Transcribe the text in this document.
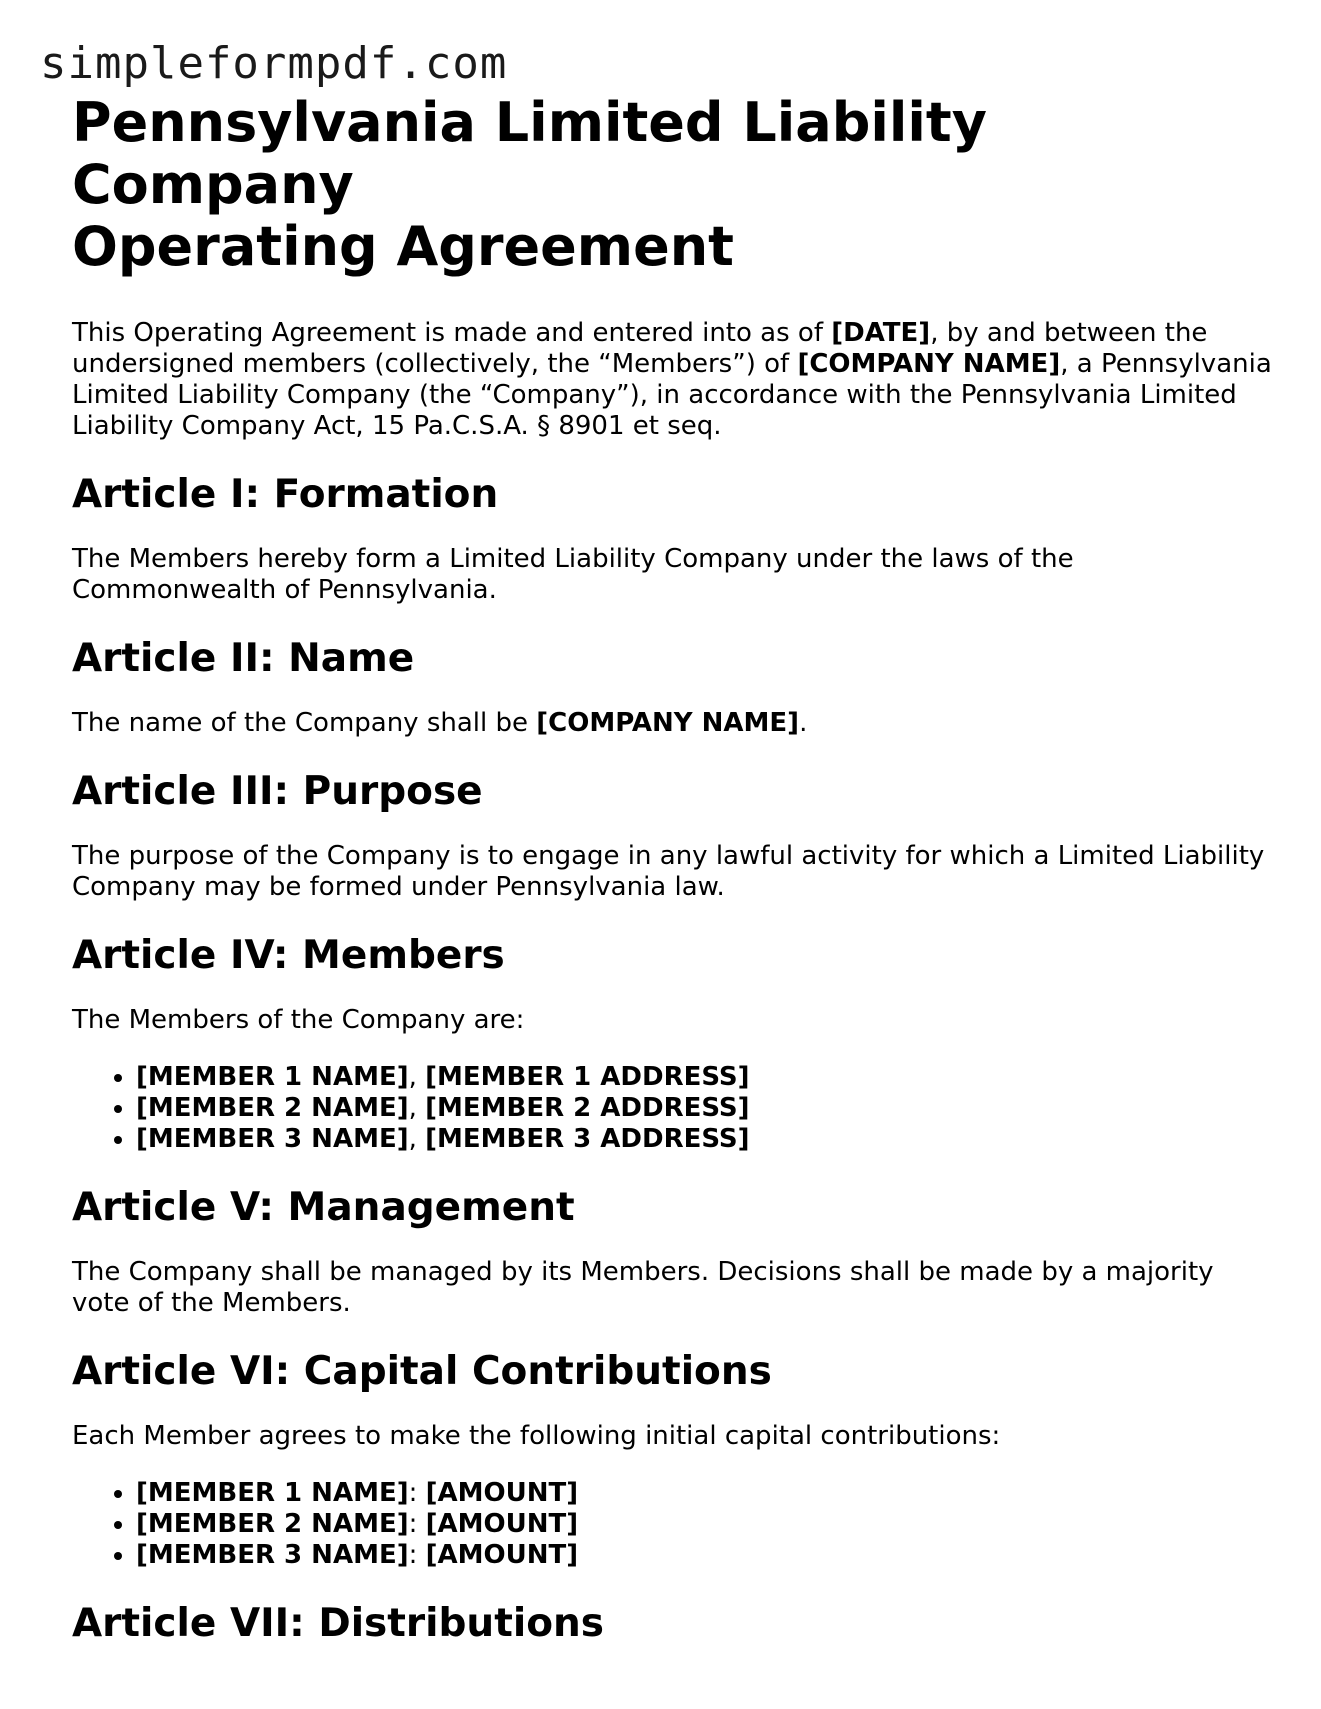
simpleformpdf.com
Pennsylvania Limited Liability Company
Operating Agreement

This Operating Agreement is made and entered into as of [DATE], by and between the undersigned members (collectively, the “Members”) of [COMPANY NAME], a Pennsylvania Limited Liability Company (the “Company”), in accordance with the Pennsylvania Limited Liability Company Act, 15 Pa.C.S.A. § 8901 et seq.

Article I: Formation

The Members hereby form a Limited Liability Company under the laws of the Commonwealth of Pennsylvania.

Article II: Name

The name of the Company shall be [COMPANY NAME].

Article III: Purpose

The purpose of the Company is to engage in any lawful activity for which a Limited Liability Company may be formed under Pennsylvania law.

Article IV: Members

The Members of the Company are:

• [MEMBER 1 NAME], [MEMBER 1 ADDRESS]
• [MEMBER 2 NAME], [MEMBER 2 ADDRESS]
• [MEMBER 3 NAME], [MEMBER 3 ADDRESS]
Article V: Management

The Company shall be managed by its Members. Decisions shall be made by a majority vote of the Members.

Article VI: Capital Contributions

Each Member agrees to make the following initial capital contributions:

• [MEMBER 1 NAME]: [AMOUNT]
• [MEMBER 2 NAME]: [AMOUNT]
• [MEMBER 3 NAME]: [AMOUNT]
Article VII: Distributions
